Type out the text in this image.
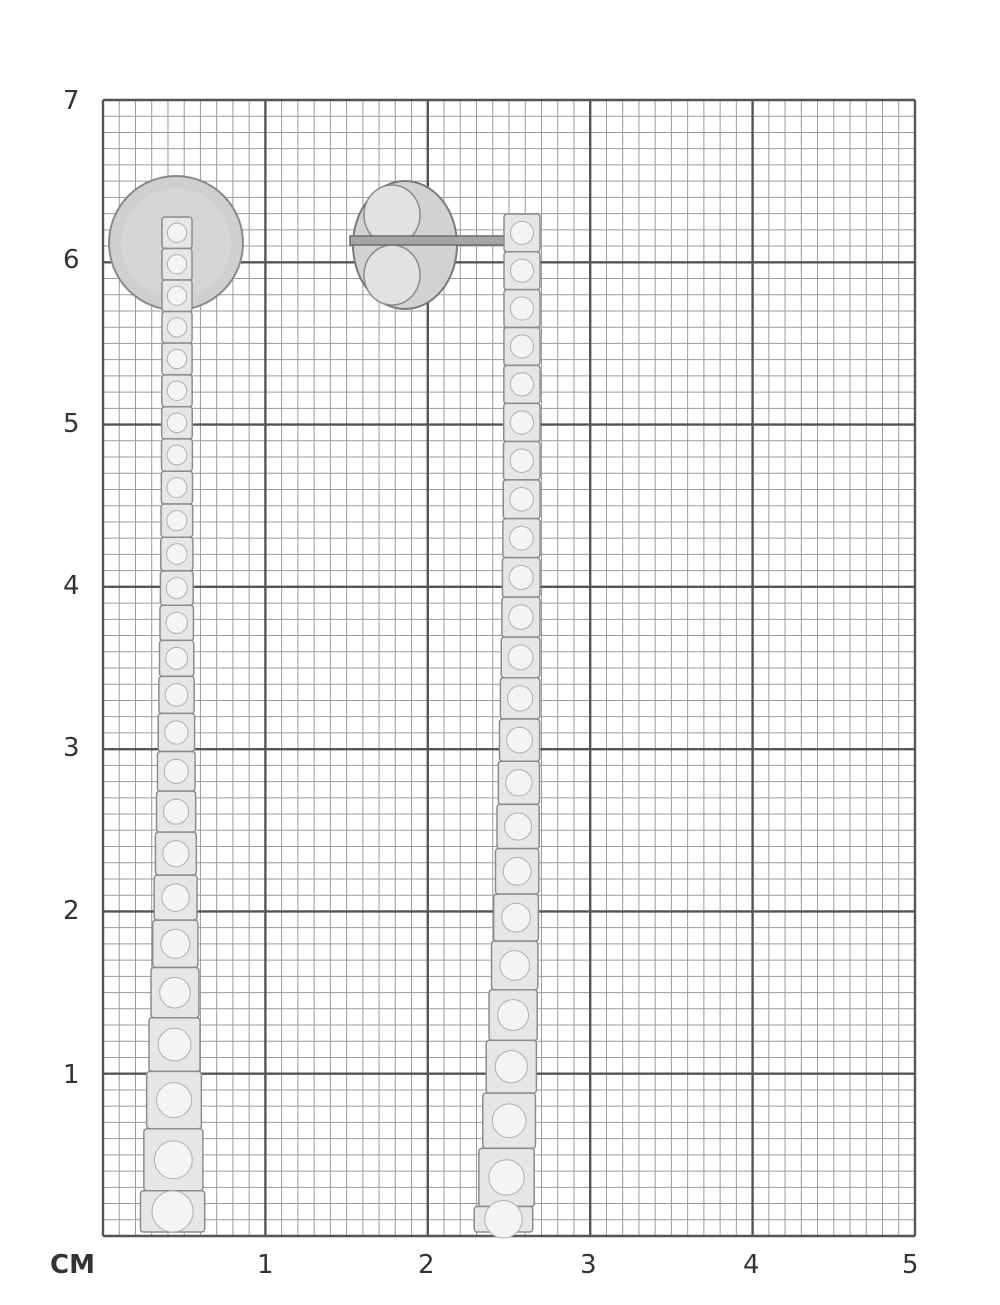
CM	1	2	3	4	5
1
2
3
4
5
6
7
